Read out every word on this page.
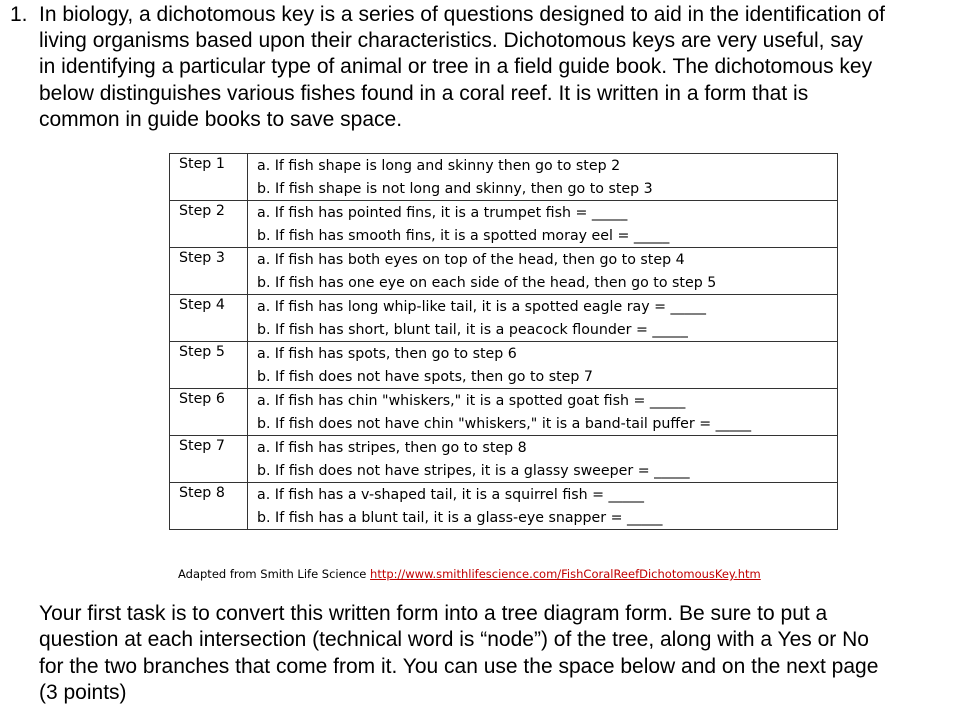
1. In biology, a dichotomous key is a series of questions designed to aid in the identification of
living organisms based upon their characteristics. Dichotomous keys are very useful, say
in identifying a particular type of animal or tree in a field guide book. The dichotomous key
below distinguishes various fishes found in a coral reef. It is written in a form that is
common in guide books to save space.
Step 1	a. If fish shape is long and skinny then go to step 2
b. If fish shape is not long and skinny, then go to step 3

Step 2	a. If fish has pointed fins, it is a trumpet fish = _____
b. If fish has smooth fins, it is a spotted moray eel = _____

Step 3	a. If fish has both eyes on top of the head, then go to step 4
b. If fish has one eye on each side of the head, then go to step 5

Step 4	a. If fish has long whip-like tail, it is a spotted eagle ray = _____
b. If fish has short, blunt tail, it is a peacock flounder = _____

Step 5	a. If fish has spots, then go to step 6
b. If fish does not have spots, then go to step 7

Step 6	a. If fish has chin "whiskers," it is a spotted goat fish = _____
b. If fish does not have chin "whiskers," it is a band-tail puffer = _____

Step 7	a. If fish has stripes, then go to step 8
b. If fish does not have stripes, it is a glassy sweeper = _____

Step 8	a. If fish has a v-shaped tail, it is a squirrel fish = _____
b. If fish has a blunt tail, it is a glass-eye snapper = _____
Adapted from Smith Life Science http://www.smithlifescience.com/FishCoralReefDichotomousKey.htm
Your first task is to convert this written form into a tree diagram form. Be sure to put a
question at each intersection (technical word is “node”) of the tree, along with a Yes or No
for the two branches that come from it. You can use the space below and on the next page
(3 points)
